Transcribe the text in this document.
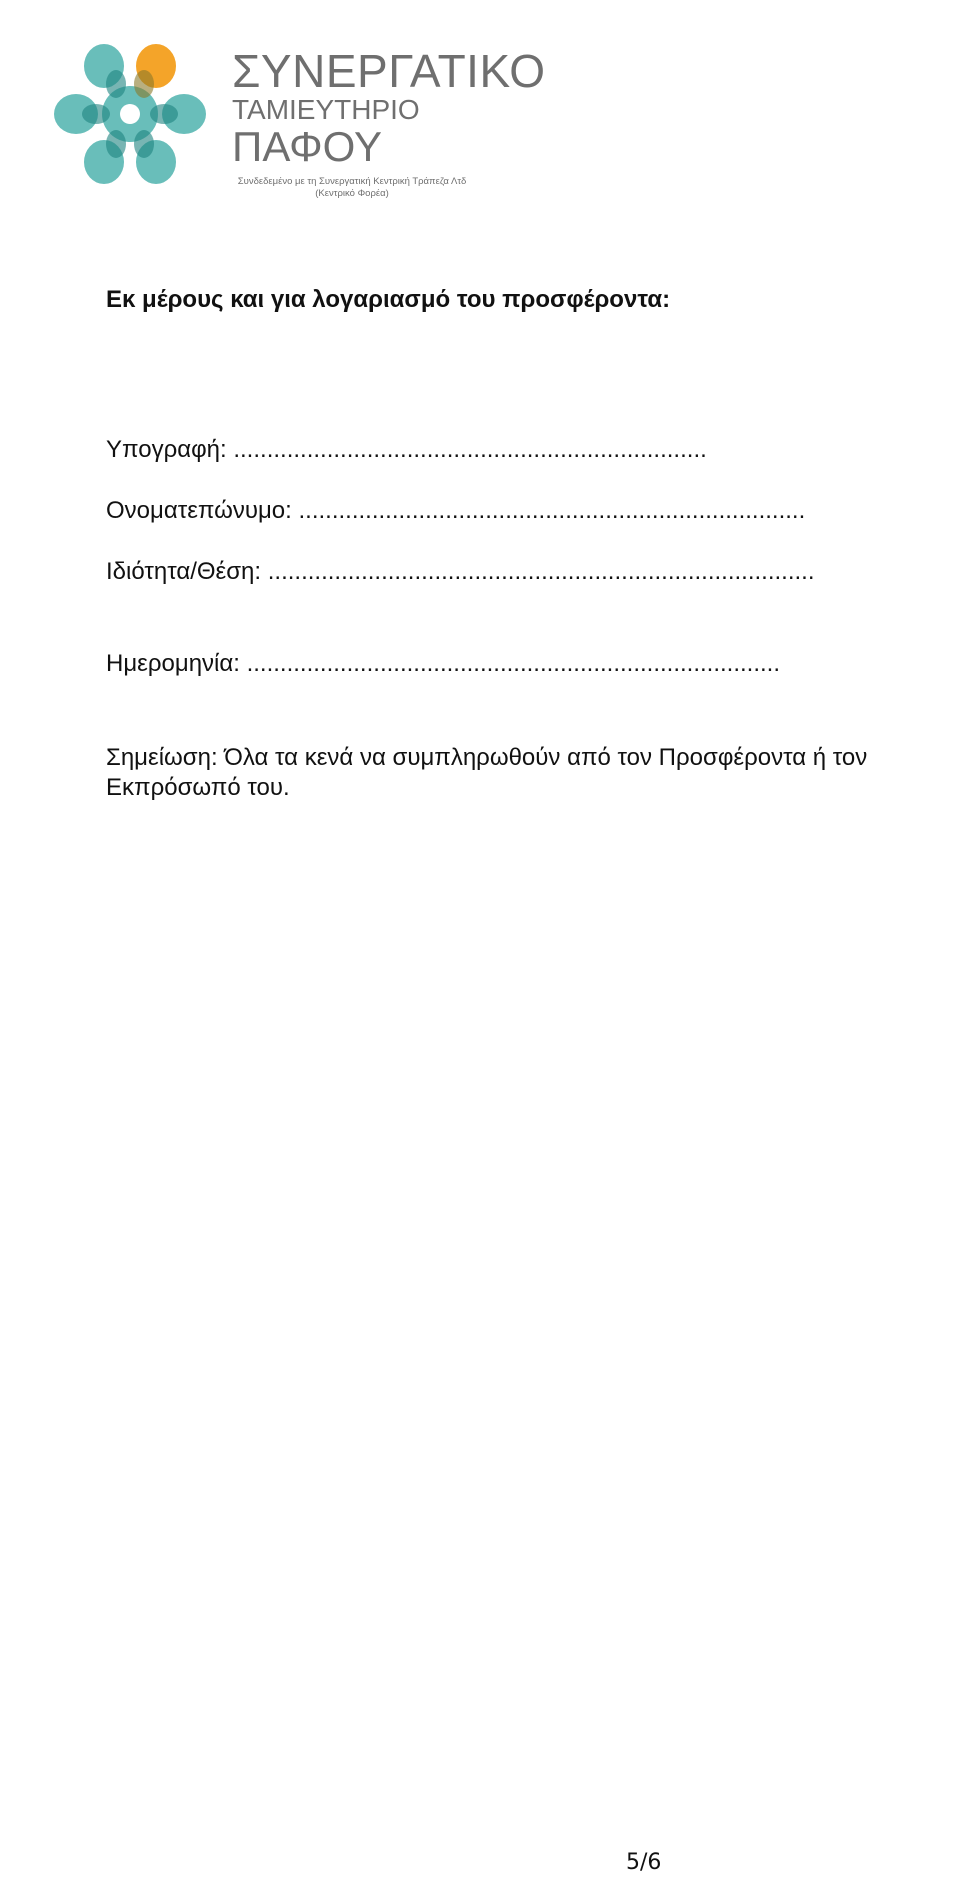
ΣΥΝΕΡΓΑΤΙΚΟ
ΤΑΜΙΕΥΤΗΡΙΟ
ΠΑΦΟΥ
Συνδεδεμένο με τη Συνεργατική Κεντρική Τράπεζα Λτδ
(Κεντρικό Φορέα)
Εκ μέρους και για λογαριασμό του προσφέροντα:
Υπογραφή: .......................................................................
Ονοματεπώνυμο: ............................................................................
Ιδιότητα/Θέση: ..................................................................................
Ημερομηνία: ................................................................................
Σημείωση: Όλα τα κενά να συμπληρωθούν από τον Προσφέροντα ή τον
Εκπρόσωπό του.
5/6
